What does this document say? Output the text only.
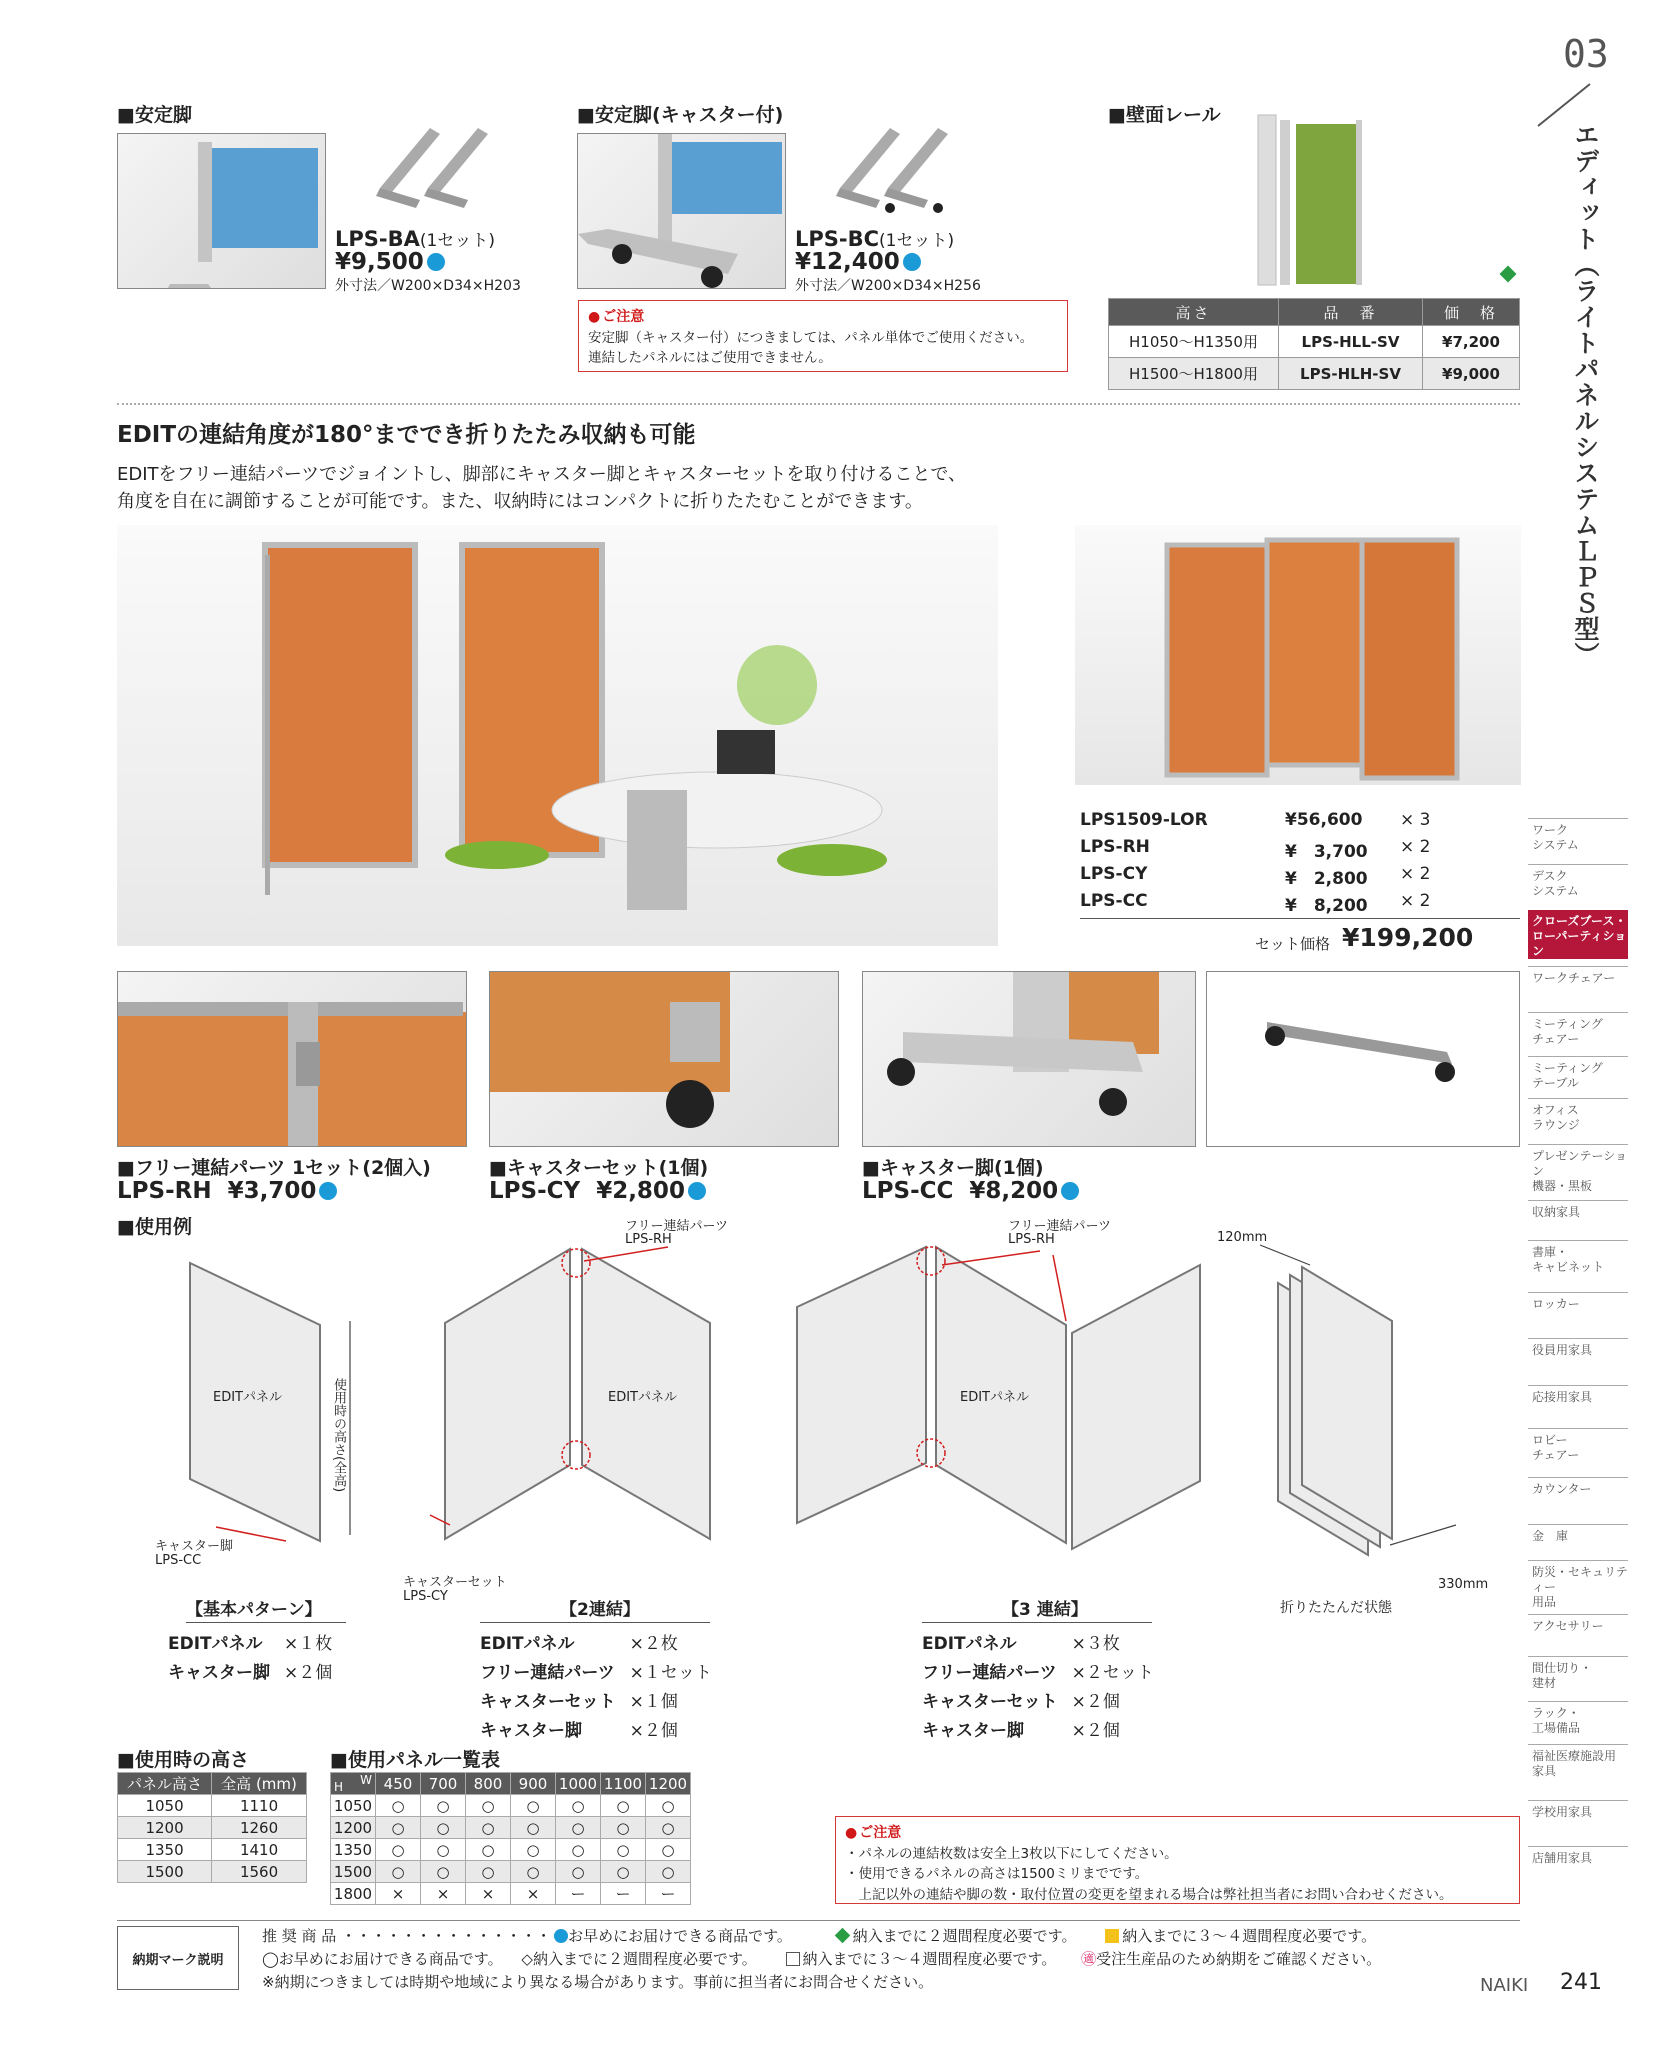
03
エディット（ライトパネルシステムＬＰＳ型）
■安定脚
LPS-BA(1セット)
¥9,500
外寸法／W200×D34×H203
■安定脚(キャスター付)
LPS-BC(1セット)
¥12,400
外寸法／W200×D34×H256
● ご注意
安定脚（キャスター付）につきましては、パネル単体でご使用ください。
連結したパネルにはご使用できません。
■壁面レール
高さ	品　番	価　格
H1050～H1350用	LPS-HLL-SV	¥7,200
H1500～H1800用	LPS-HLH-SV	¥9,000
EDITの連結角度が180°まででき折りたたみ収納も可能
EDITをフリー連結パーツでジョイントし、脚部にキャスター脚とキャスターセットを取り付けることで、
角度を自在に調節することが可能です。また、収納時にはコンパクトに折りたたむことができます。
LPS1509-LOR	¥56,600 × 3
LPS-RH	¥　3,700 × 2
LPS-CY	¥　2,800 × 2
LPS-CC	¥　8,200 × 2
セット価格 ¥199,200
■フリー連結パーツ 1セット(2個入)
LPS-RH ¥3,700
■キャスターセット(1個)
LPS-CY ¥2,800
■キャスター脚(1個)
LPS-CC ¥8,200
■使用例
EDITパネル	EDITパネル	EDITパネル
フリー連結パーツ
LPS-RH
フリー連結パーツ
LPS-RH
キャスター脚
LPS-CC
キャスターセット
LPS-CY
使用時の高さ(全高)
120mm
330mm
折りたたんだ状態
【基本パターン】
EDITパネル	×１枚
キャスター脚	×２個
【2連結】
EDITパネル	×２枚
フリー連結パーツ	×１セット
キャスターセット	×１個
キャスター脚	×２個
【3 連結】
EDITパネル	×３枚
フリー連結パーツ	×２セット
キャスターセット	×２個
キャスター脚	×２個
■使用時の高さ
パネル高さ	全高 (mm)
1050	1110
1200	1260
1350	1410
1500	1560
■使用パネル一覧表
W
H	450	700	800	900	1000	1100	1200
1050	○	○	○	○	○	○	○
1200	○	○	○	○	○	○	○
1350	○	○	○	○	○	○	○
1500	○	○	○	○	○	○	○
1800	×	×	×	×	ー	ー	ー
● ご注意
・パネルの連結枚数は安全上3枚以下にしてください。
・使用できるパネルの高さは1500ミリまでです。
　上記以外の連結や脚の数・取付位置の変更を望まれる場合は弊社担当者にお問い合わせください。
ワーク
システム
デスク
システム
クローズブース・
ローパーティション
ワークチェアー
ミーティング
チェアー
ミーティング
テーブル
オフィス
ラウンジ
プレゼンテーション
機器・黒板
収納家具
書庫・
キャビネット
ロッカー
役員用家具
応接用家具
ロビー
チェアー
カウンター
金　庫
防災・セキュリティー
用品
アクセサリー
間仕切り・
建材
ラック・
工場備品
福祉医療施設用
家具
学校用家具
店舗用家具
納期マーク説明
推 奨 商 品 ・・・・・・・・・・・・・・ お早めにお届けできる商品です。	納入までに２週間程度必要です。	納入までに３～４週間程度必要です。
◯お早めにお届けできる商品です。 ◇納入までに２週間程度必要です。	納入までに３～４週間程度必要です。 ㊜受注生産品のため納期をご確認ください。
※納期につきましては時期や地域により異なる場合があります。事前に担当者にお問合せください。	NAIKI 241
